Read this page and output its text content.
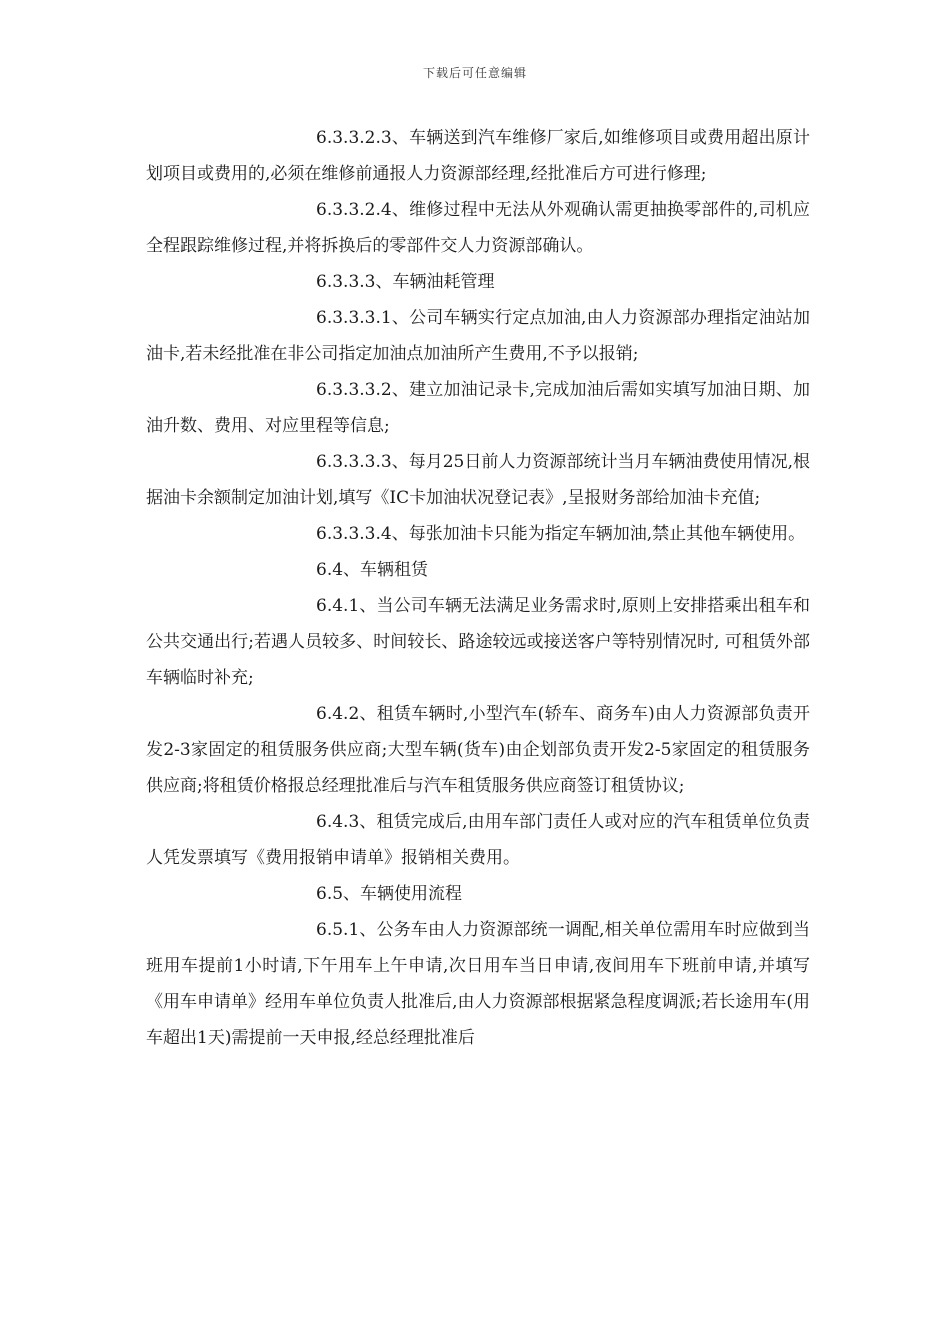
下载后可任意编辑

6.3.3.2.3、车辆送到汽车维修厂家后,如维修项目或费用超出原计划项目或费用的,必须在维修前通报人力资源部经理,经批准后方可进行修理;

6.3.3.2.4、维修过程中无法从外观确认需更抽换零部件的,司机应全程跟踪维修过程,并将拆换后的零部件交人力资源部确认。

6.3.3.3、车辆油耗管理

6.3.3.3.1、公司车辆实行定点加油,由人力资源部办理指定油站加油卡,若未经批准在非公司指定加油点加油所产生费用,不予以报销;

6.3.3.3.2、建立加油记录卡,完成加油后需如实填写加油日期、加油升数、费用、对应里程等信息;

6.3.3.3.3、每月25日前人力资源部统计当月车辆油费使用情况,根据油卡余额制定加油计划,填写《IC卡加油状况登记表》,呈报财务部给加油卡充值;

6.3.3.3.4、每张加油卡只能为指定车辆加油,禁止其他车辆使用。

6.4、车辆租赁

6.4.1、当公司车辆无法满足业务需求时,原则上安排搭乘出租车和公共交通出行;若遇人员较多、时间较长、路途较远或接送客户等特别情况时, 可租赁外部车辆临时补充;

6.4.2、租赁车辆时,小型汽车(轿车、商务车)由人力资源部负责开发2-3家固定的租赁服务供应商;大型车辆(货车)由企划部负责开发2-5家固定的租赁服务供应商;将租赁价格报总经理批准后与汽车租赁服务供应商签订租赁协议;

6.4.3、租赁完成后,由用车部门责任人或对应的汽车租赁单位负责人凭发票填写《费用报销申请单》报销相关费用。

6.5、车辆使用流程

6.5.1、公务车由人力资源部统一调配,相关单位需用车时应做到当班用车提前1小时请,下午用车上午申请,次日用车当日申请,夜间用车下班前申请,并填写《用车申请单》经用车单位负责人批准后,由人力资源部根据紧急程度调派;若长途用车(用车超出1天)需提前一天申报,经总经理批准后
